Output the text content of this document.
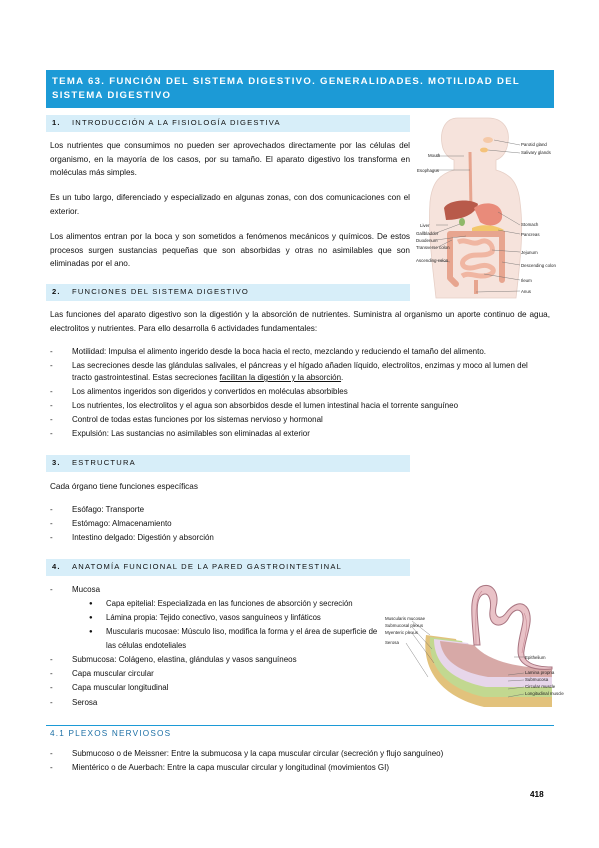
TEMA 63. FUNCIÓN DEL SISTEMA DIGESTIVO. GENERALIDADES. MOTILIDAD DEL SISTEMA DIGESTIVO
1. INTRODUCCIÓN A LA FISIOLOGÍA DIGESTIVA
Los nutrientes que consumimos no pueden ser aprovechados directamente por las células del organismo, en la mayoría de los casos, por su tamaño. El aparato digestivo los transforma en moléculas más simples.
Es un tubo largo, diferenciado y especializado en algunas zonas, con dos comunicaciones con el exterior.
Los alimentos entran por la boca y son sometidos a fenómenos mecánicos y químicos. De estos procesos surgen sustancias pequeñas que son absorbidas y otras no asimilables que son eliminadas por el ano.
Mouth
Esophagus
Liver
Gallbladder
Duodenum
Transverse colon
Ascending colon
Parotid gland
Salivary glands
Stomach
Pancreas
Jejunum
Descending colon
Ileum
Anus
2. FUNCIONES DEL SISTEMA DIGESTIVO
Las funciones del aparato digestivo son la digestión y la absorción de nutrientes. Suministra al organismo un aporte continuo de agua, electrolitos y nutrientes. Para ello desarrolla 6 actividades fundamentales:
- Motilidad: Impulsa el alimento ingerido desde la boca hacia el recto, mezclando y reduciendo el tamaño del alimento.
- Las secreciones desde las glándulas salivales, el páncreas y el hígado añaden líquido, electrolitos, enzimas y moco al lumen del tracto gastrointestinal. Estas secreciones facilitan la digestión y la absorción.
- Los alimentos ingeridos son digeridos y convertidos en moléculas absorbibles
- Los nutrientes, los electrolitos y el agua son absorbidos desde el lumen intestinal hacia el torrente sanguíneo
- Control de todas estas funciones por los sistemas nervioso y hormonal
- Expulsión: Las sustancias no asimilables son eliminadas al exterior
3. ESTRUCTURA
Cada órgano tiene funciones específicas
- Esófago: Transporte
- Estómago: Almacenamiento
- Intestino delgado: Digestión y absorción
4. ANATOMÍA FUNCIONAL DE LA PARED GASTROINTESTINAL
- Mucosa
● Capa epitelial: Especializada en las funciones de absorción y secreción
● Lámina propia: Tejido conectivo, vasos sanguíneos y linfáticos
● Muscularis mucosae: Músculo liso, modifica la forma y el área de superficie de las células endoteliales
- Submucosa: Colágeno, elastina, glándulas y vasos sanguíneos
- Capa muscular circular
- Capa muscular longitudinal
- Serosa
Muscularis mucosae
Submucosal plexus
Myenteric plexus
Serosa
Epithelium
Lamina propria
Submucosa
Circular muscle
Longitudinal muscle
4.1 PLEXOS NERVIOSOS
- Submucoso o de Meissner: Entre la submucosa y la capa muscular circular (secreción y flujo sanguíneo)
- Mientérico o de Auerbach: Entre la capa muscular circular y longitudinal (movimientos GI)
418
